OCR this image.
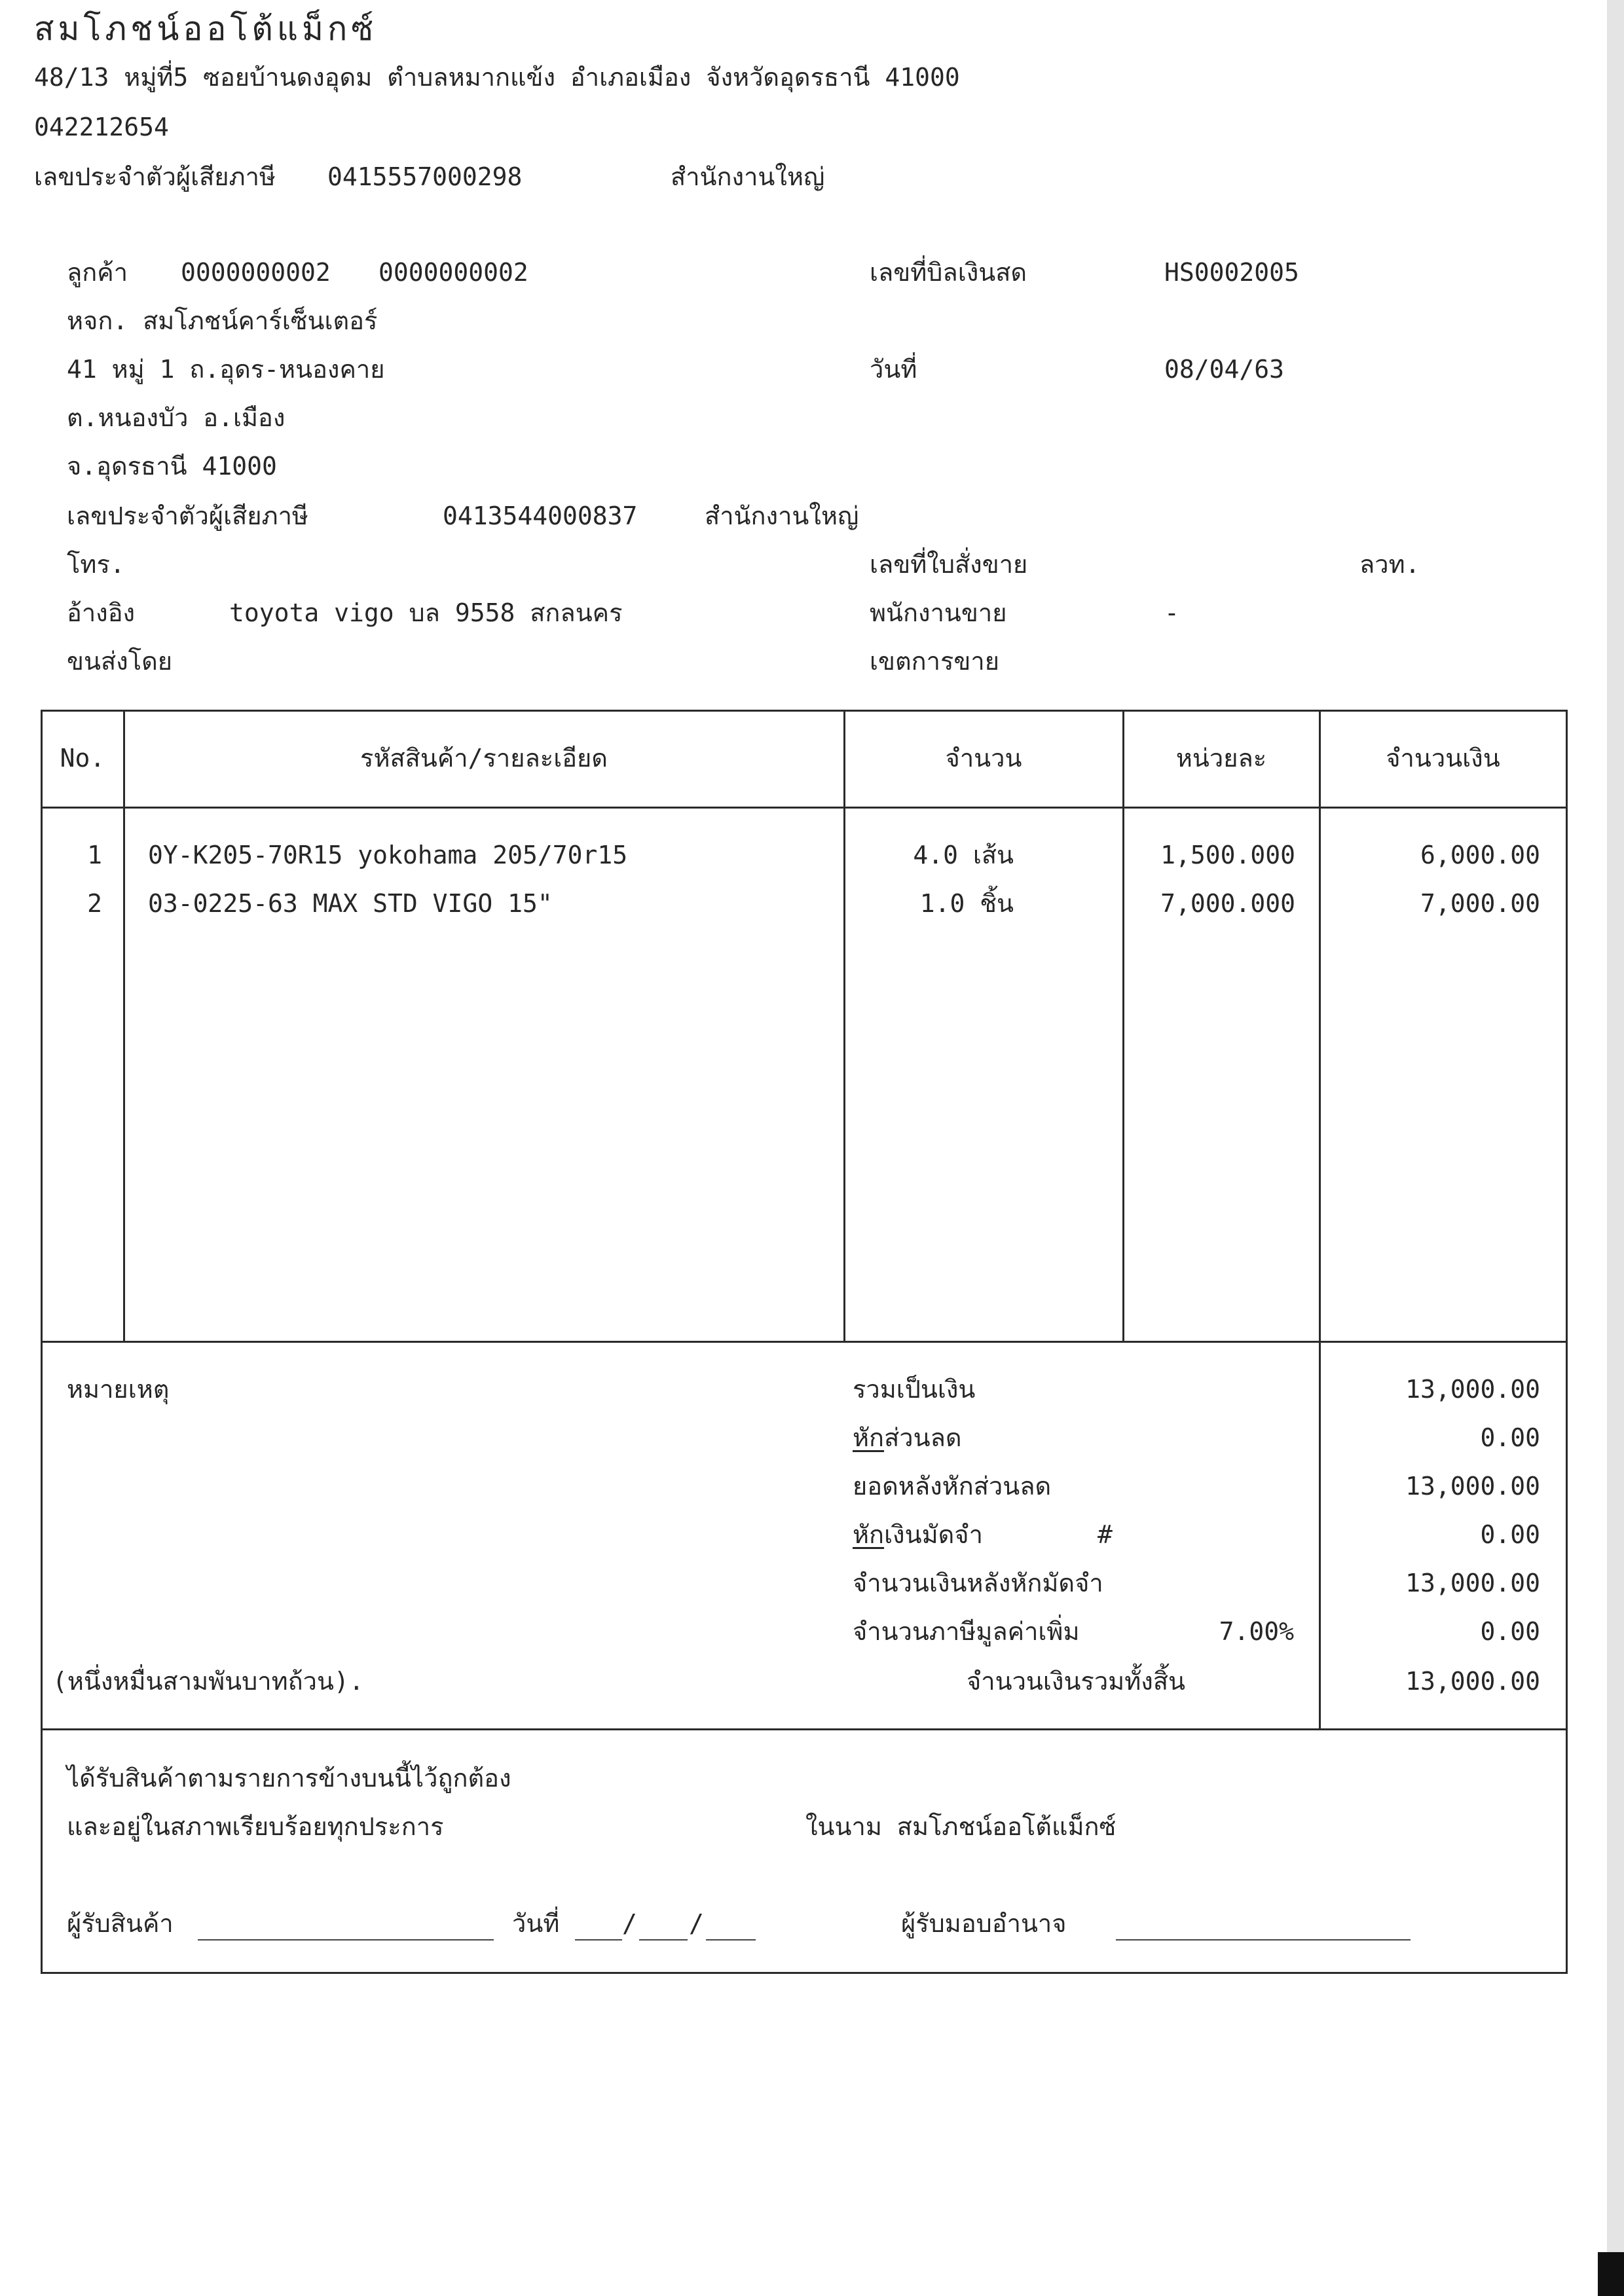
สมโภชน์ออโต้แม็กซ์
48/13 หมู่ที่5 ซอยบ้านดงอุดม ตำบลหมากแข้ง อำเภอเมือง จังหวัดอุดรธานี 41000
042212654
เลขประจำตัวผู้เสียภาษี 0415557000298	สำนักงานใหญ่
ลูกค้า 0000000002 0000000002
หจก. สมโภชน์คาร์เซ็นเตอร์
41 หมู่ 1 ถ.อุดร-หนองคาย
ต.หนองบัว อ.เมือง
จ.อุดรธานี 41000
เลขประจำตัวผู้เสียภาษี	0413544000837	สำนักงานใหญ่
โทร.
อ้างอิง	toyota vigo บล 9558 สกลนคร
ขนส่งโดย
เลขที่บิลเงินสด	HS0002005
วันที่	08/04/63
เลขที่ใบสั่งขาย	ลวท.
พนักงานขาย	-
เขตการขาย
No.	รหัสสินค้า/รายละเอียด	จำนวน	หน่วยละ	จำนวนเงิน
1 0Y-K205-70R15 yokohama 205/70r15	4.0 เส้น	1,500.000	6,000.00
2 03-0225-63 MAX STD VIGO 15"	1.0 ชิ้น	7,000.000	7,000.00
หมายเหตุ	รวมเป็นเงิน	13,000.00
หักส่วนลด	0.00
ยอดหลังหักส่วนลด	13,000.00
หักเงินมัดจำ	#	0.00
จำนวนเงินหลังหักมัดจำ	13,000.00
จำนวนภาษีมูลค่าเพิ่ม	7.00%	0.00
(หนึ่งหมื่นสามพันบาทถ้วน).	จำนวนเงินรวมทั้งสิ้น	13,000.00
ได้รับสินค้าตามรายการข้างบนนี้ไว้ถูกต้อง
และอยู่ในสภาพเรียบร้อยทุกประการ	ในนาม สมโภชน์ออโต้แม็กซ์
ผู้รับสินค้า	วันที่	/ /	ผู้รับมอบอำนาจ
